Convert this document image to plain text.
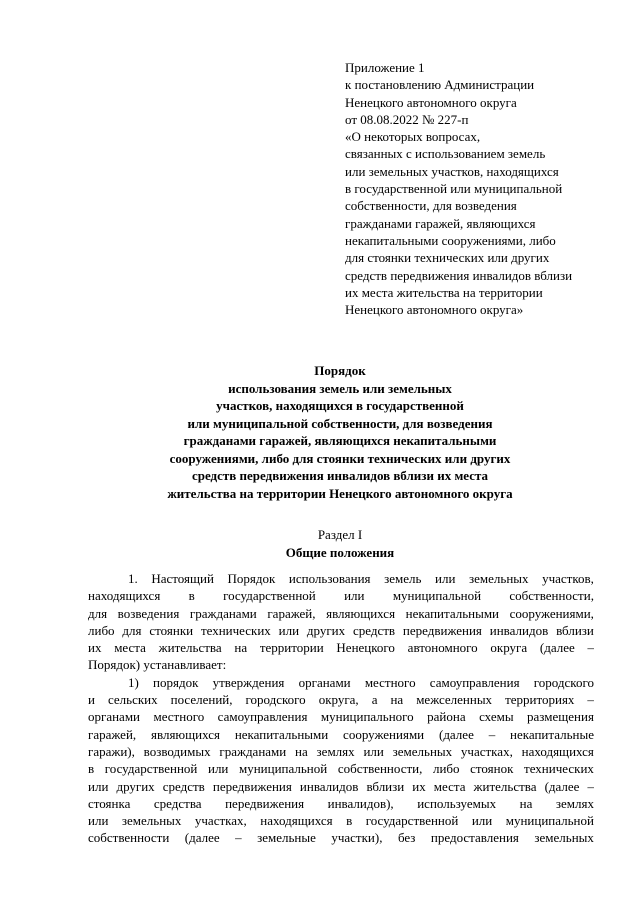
Приложение 1
к постановлению Администрации
Ненецкого автономного округа
от 08.08.2022 № 227-п
«О некоторых вопросах,
связанных с использованием земель
или земельных участков, находящихся
в государственной или муниципальной
собственности, для возведения
гражданами гаражей, являющихся
некапитальными сооружениями, либо
для стоянки технических или других
средств передвижения инвалидов вблизи
их места жительства на территории
Ненецкого автономного округа»
Порядок
использования земель или земельных
участков, находящихся в государственной
или муниципальной собственности, для возведения
гражданами гаражей, являющихся некапитальными
сооружениями, либо для стоянки технических или других
средств передвижения инвалидов вблизи их места
жительства на территории Ненецкого автономного округа
Раздел I
Общие положения
1. Настоящий Порядок использования земель или земельных участков,
находящихся в государственной или муниципальной собственности,
для возведения гражданами гаражей, являющихся некапитальными сооружениями,
либо для стоянки технических или других средств передвижения инвалидов вблизи
их места жительства на территории Ненецкого автономного округа (далее –
Порядок) устанавливает:
1) порядок утверждения органами местного самоуправления городского
и сельских поселений, городского округа, а на межселенных территориях –
органами местного самоуправления муниципального района схемы размещения
гаражей, являющихся некапитальными сооружениями (далее – некапитальные
гаражи), возводимых гражданами на землях или земельных участках, находящихся
в государственной или муниципальной собственности, либо стоянок технических
или других средств передвижения инвалидов вблизи их места жительства (далее –
стоянка средства передвижения инвалидов), используемых на землях
или земельных участках, находящихся в государственной или муниципальной
собственности (далее – земельные участки), без предоставления земельных
